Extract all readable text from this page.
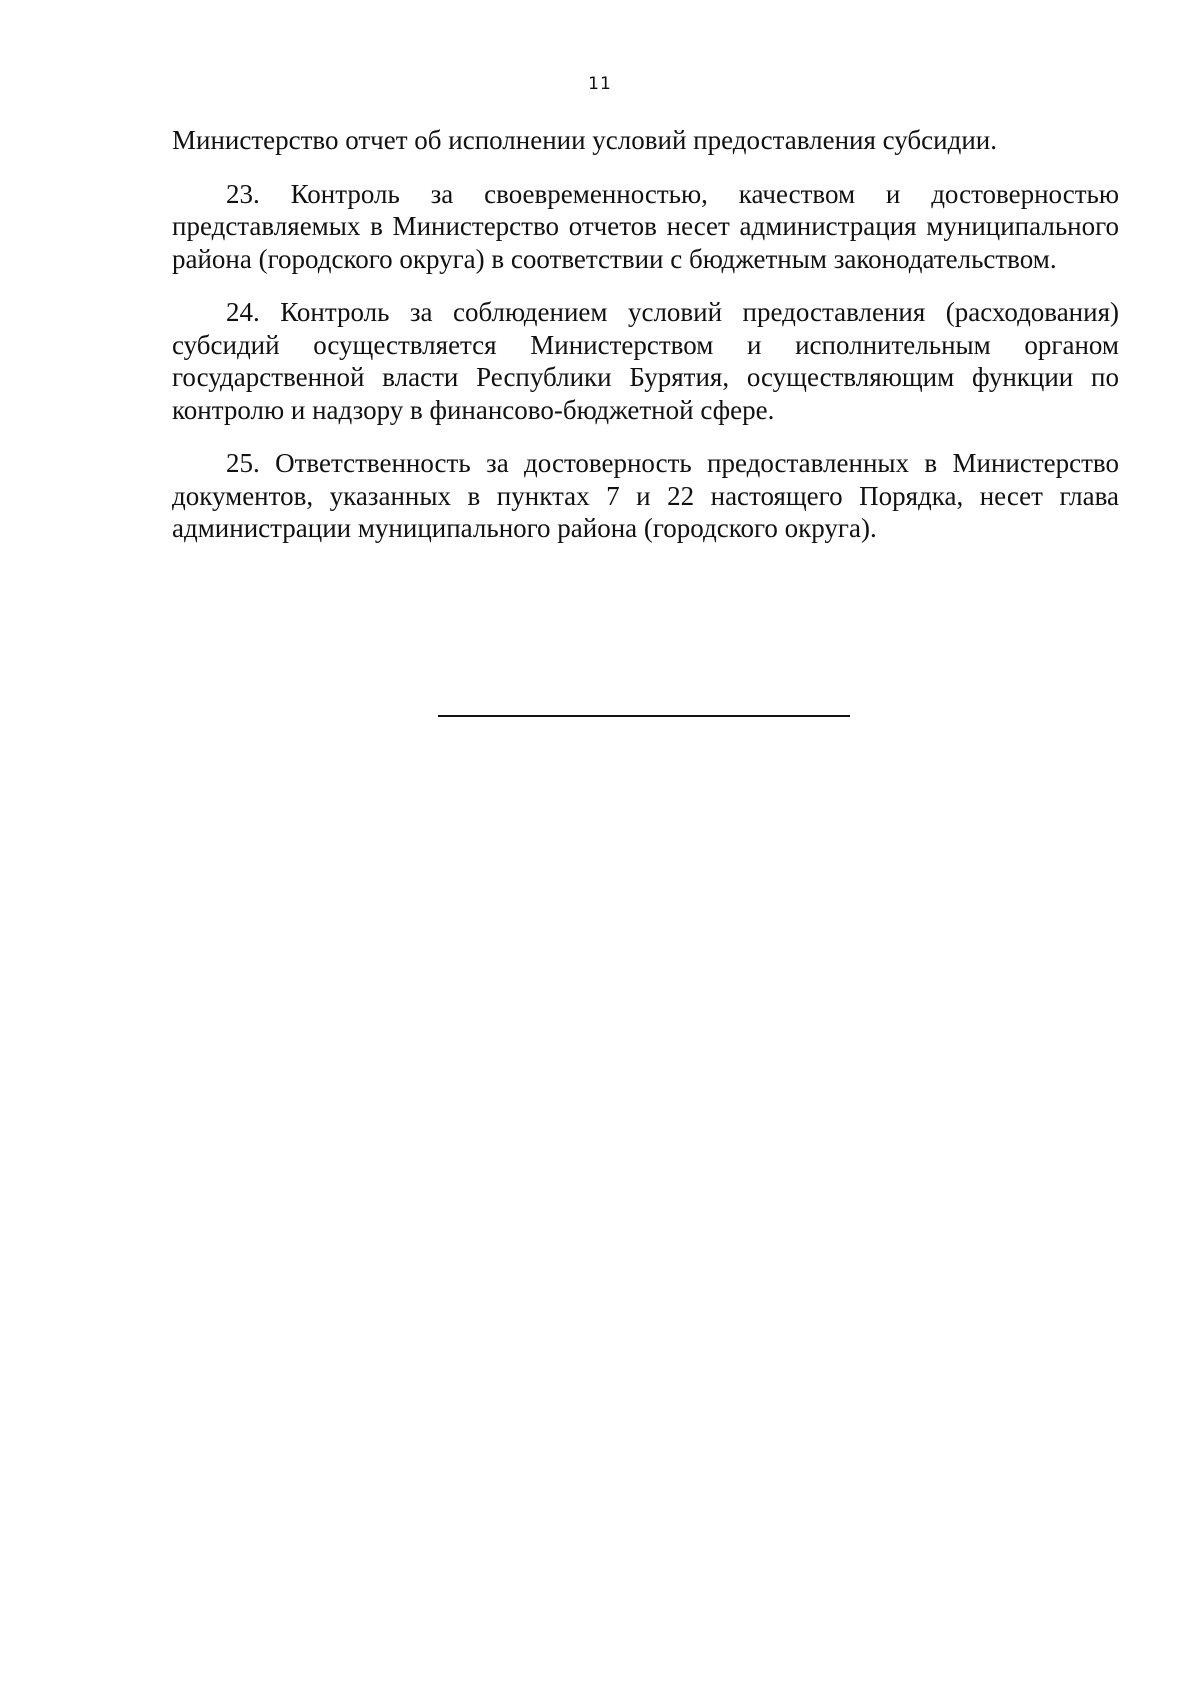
11

Министерство отчет об исполнении условий предоставления субсидии.

23. Контроль за своевременностью, качеством и достоверностью представляемых в Министерство отчетов несет администрация муниципального района (городского округа) в соответствии с бюджетным законодательством.

24. Контроль за соблюдением условий предоставления (расходования) субсидий осуществляется Министерством и исполнительным органом государственной власти Республики Бурятия, осуществляющим функции по контролю и надзору в финансово-бюджетной сфере.

25. Ответственность за достоверность предоставленных в Министерство документов, указанных в пунктах 7 и 22 настоящего Порядка, несет глава администрации муниципального района (городского округа).
